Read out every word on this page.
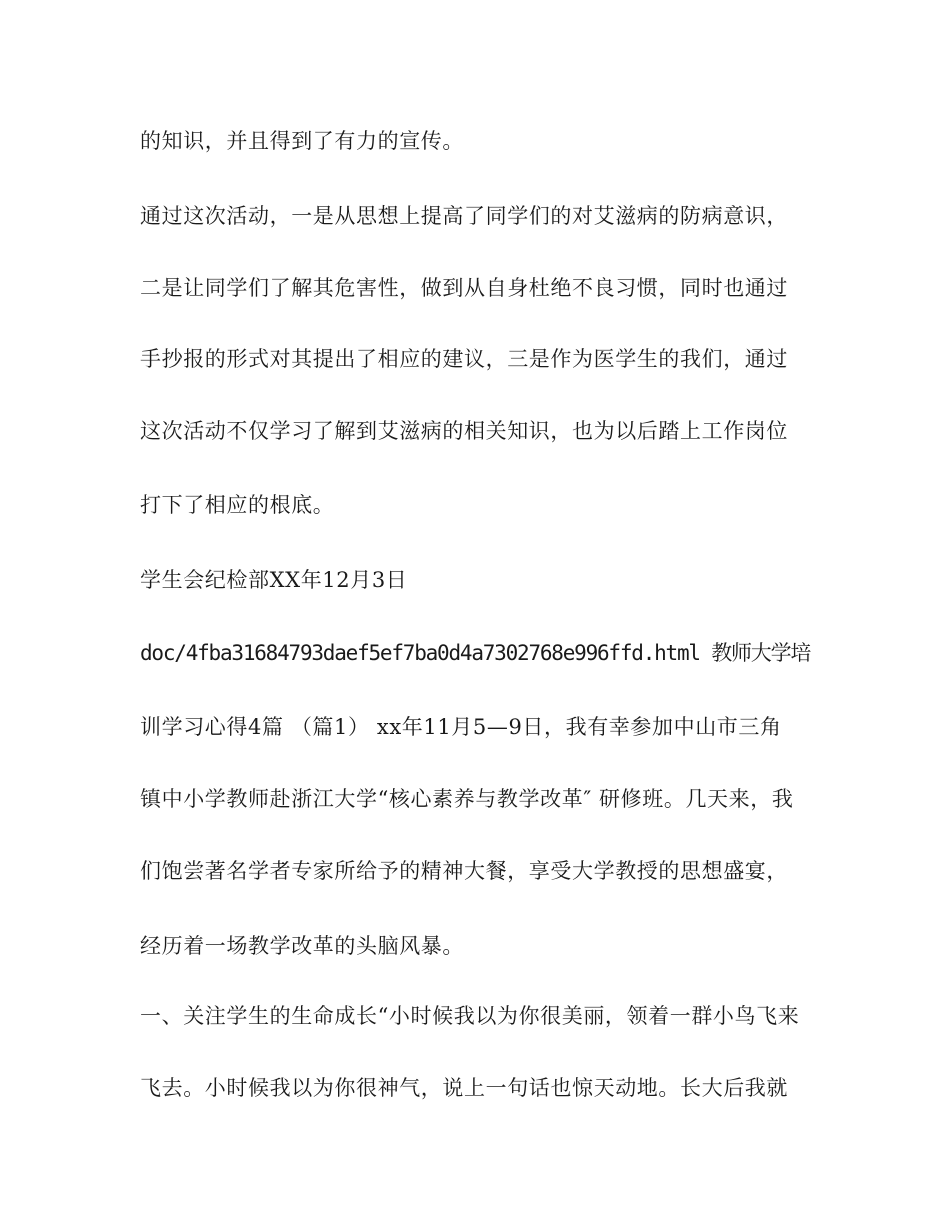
的知识，并且得到了有力的宣传。

通过这次活动，一是从思想上提高了同学们的对艾滋病的防病意识，

二是让同学们了解其危害性，做到从自身杜绝不良习惯，同时也通过

手抄报的形式对其提出了相应的建议，三是作为医学生的我们，通过

这次活动不仅学习了解到艾滋病的相关知识，也为以后踏上工作岗位

打下了相应的根底。

学生会纪检部XX年12月3日

doc/4fba31684793daef5ef7ba0d4a7302768e996ffd.html 教师大学培

训学习心得4篇 （篇1） xx年11月5—9日，我有幸参加中山市三角

镇中小学教师赴浙江大学“核心素养与教学改革″ 研修班。几天来，我

们饱尝著名学者专家所给予的精神大餐，享受大学教授的思想盛宴，

经历着一场教学改革的头脑风暴。

一、关注学生的生命成长“小时候我以为你很美丽，领着一群小鸟飞来

飞去。小时候我以为你很神气，说上一句话也惊天动地。长大后我就
